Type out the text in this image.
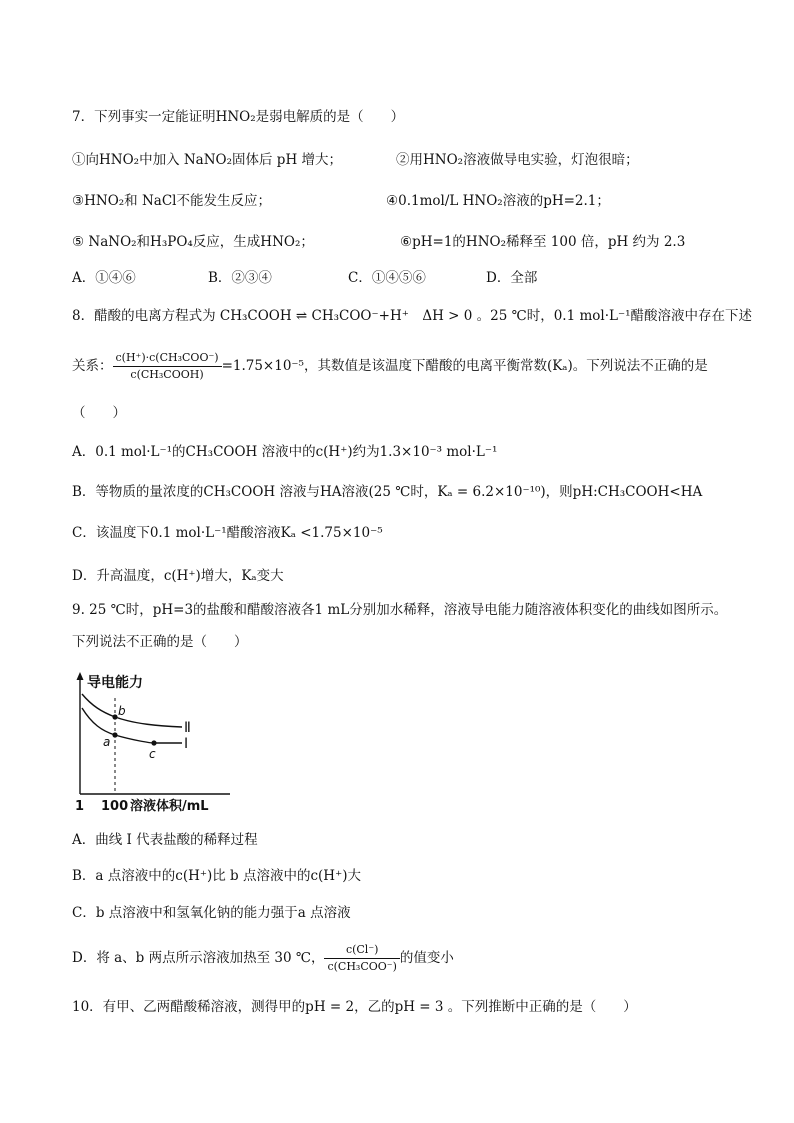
7．下列事实一定能证明HNO₂是弱电解质的是（　　）
①向HNO₂中加入 NaNO₂固体后 pH 增大；	②用HNO₂溶液做导电实验，灯泡很暗；
③HNO₂和 NaCl不能发生反应；	④0.1mol/L HNO₂溶液的pH=2.1；
⑤ NaNO₂和H₃PO₄反应，生成HNO₂；	⑥pH=1的HNO₂稀释至 100 倍，pH 约为 2.3
A．①④⑥	B．②③④	C．①④⑤⑥	D．全部
8．醋酸的电离方程式为 CH₃COOH ⇌ CH₃COO⁻+H⁺　ΔH > 0 。25 ℃时，0.1 mol·L⁻¹醋酸溶液中存在下述
关系： $\frac{\text{c(H⁺)·c(CH₃COO⁻)}}{\text{c(CH₃COOH)}} =1.75\times 10^{-5}$，其数值是该温度下醋酸的电离平衡常数(Kₐ)。下列说法不正确的是
（　　）
A．0.1 mol·L⁻¹的CH₃COOH 溶液中的c(H⁺)约为1.3×10⁻³ mol·L⁻¹
B．等物质的量浓度的CH₃COOH 溶液与HA溶液(25 ℃时，Kₐ = 6.2×10⁻¹⁰)，则pH:CH₃COOH<HA
C．该温度下0.1 mol·L⁻¹醋酸溶液Kₐ <1.75×10⁻⁵
D．升高温度，c(H⁺)增大，Kₐ变大
9. 25 ℃时，pH=3的盐酸和醋酸溶液各1 mL分别加水稀释，溶液导电能力随溶液体积变化的曲线如图所示。
下列说法不正确的是（　　）
导电能力
b
a
c
Ⅱ
Ⅰ
1 100 溶液体积/mL
A．曲线 I 代表盐酸的稀释过程
B．a 点溶液中的c(H⁺)比 b 点溶液中的c(H⁺)大
C．b 点溶液中和氢氧化钠的能力强于a 点溶液
D．将 a、b 两点所示溶液加热至 30 ℃， $\frac{c(Cl^-)}{\text{c(CH₃COO⁻)}}$ 的值变小
10．有甲、乙两醋酸稀溶液，测得甲的pH = 2，乙的pH = 3 。下列推断中正确的是（　　）
